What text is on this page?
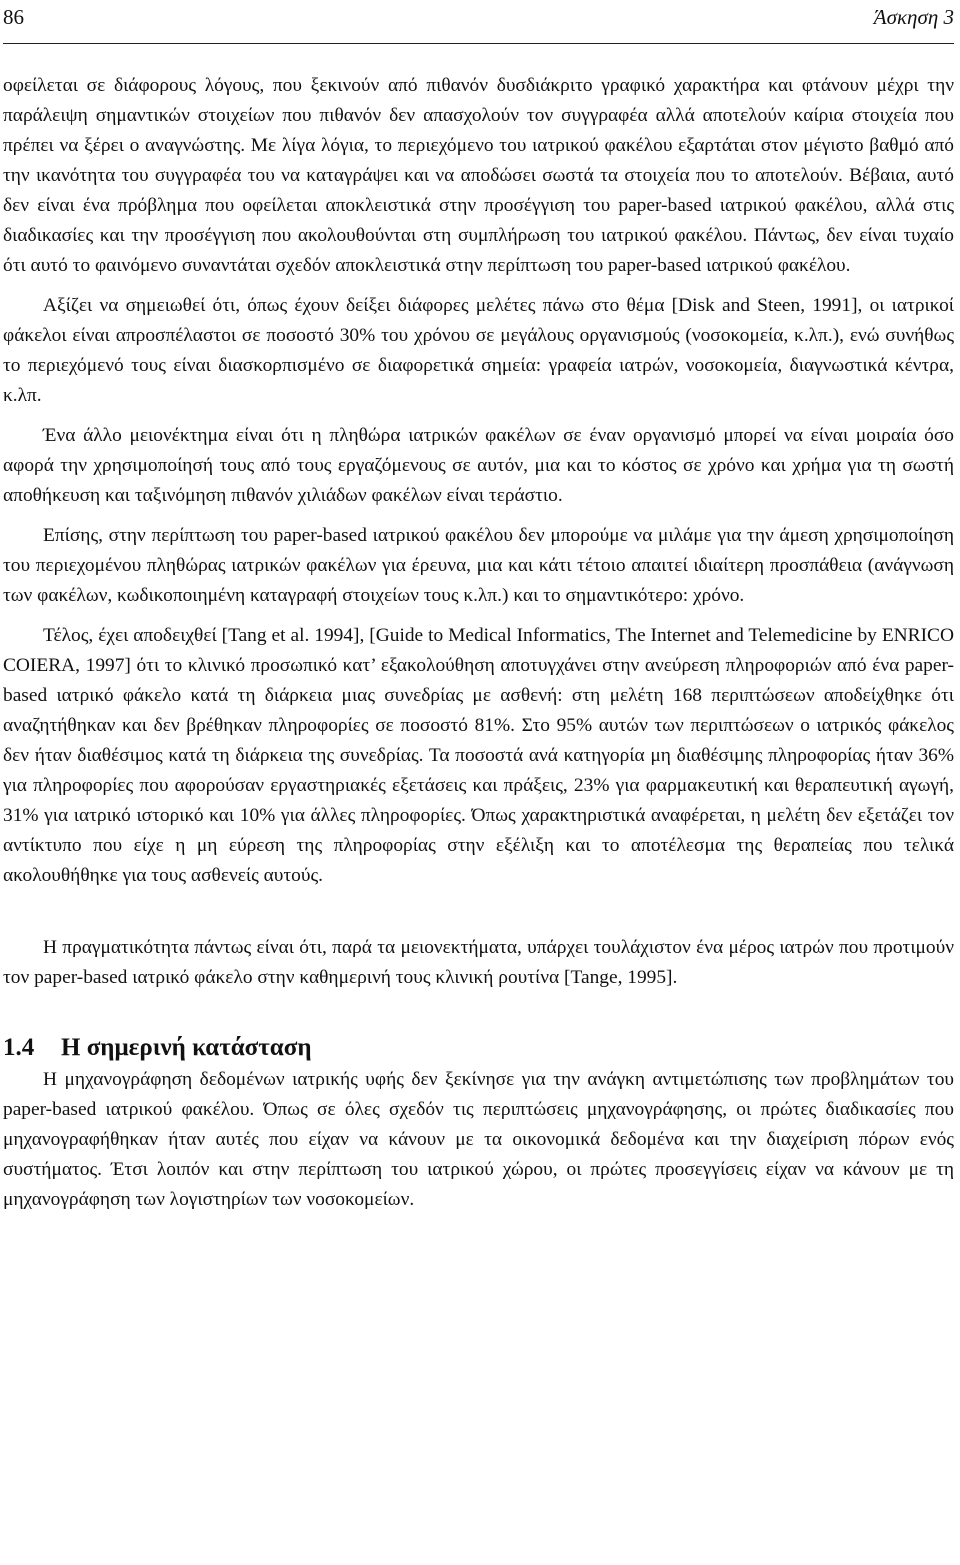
86	Άσκηση 3

οφείλεται σε διάφορους λόγους, που ξεκινούν από πιθανόν δυσδιάκριτο γραφικό χαρακτήρα και φτάνουν μέχρι την παράλειψη σημαντικών στοιχείων που πιθανόν δεν απασχολούν τον συγγραφέα αλλά αποτελούν καίρια στοιχεία που πρέπει να ξέρει ο αναγνώστης. Με λίγα λόγια, το περιεχόμενο του ιατρικού φακέλου εξαρτάται στον μέγιστο βαθμό από την ικανότητα του συγγραφέα του να καταγράψει και να αποδώσει σωστά τα στοιχεία που το αποτελούν. Βέβαια, αυτό δεν είναι ένα πρόβλημα που οφείλεται αποκλειστικά στην προσέγγιση του paper-based ιατρικού φακέλου, αλλά στις διαδικασίες και την προσέγγιση που ακολουθούνται στη συμπλήρωση του ιατρικού φακέλου. Πάντως, δεν είναι τυχαίο ότι αυτό το φαινόμενο συναντάται σχεδόν αποκλειστικά στην περίπτωση του paper-based ιατρικού φακέλου.

Αξίζει να σημειωθεί ότι, όπως έχουν δείξει διάφορες μελέτες πάνω στο θέμα [Disk and Steen, 1991], οι ιατρικοί φάκελοι είναι απροσπέλαστοι σε ποσοστό 30% του χρόνου σε μεγάλους οργανισμούς (νοσοκομεία, κ.λπ.), ενώ συνήθως το περιεχόμενό τους είναι διασκορπισμένο σε διαφορετικά σημεία: γραφεία ιατρών, νοσοκομεία, διαγνωστικά κέντρα, κ.λπ.

Ένα άλλο μειονέκτημα είναι ότι η πληθώρα ιατρικών φακέλων σε έναν οργανισμό μπορεί να είναι μοιραία όσο αφορά την χρησιμοποίησή τους από τους εργαζόμενους σε αυτόν, μια και το κόστος σε χρόνο και χρήμα για τη σωστή αποθήκευση και ταξινόμηση πιθανόν χιλιάδων φακέλων είναι τεράστιο.

Επίσης, στην περίπτωση του paper-based ιατρικού φακέλου δεν μπορούμε να μιλάμε για την άμεση χρησιμοποίηση του περιεχομένου πληθώρας ιατρικών φακέλων για έρευνα, μια και κάτι τέτοιο απαιτεί ιδιαίτερη προσπάθεια (ανάγνωση των φακέλων, κωδικοποιημένη καταγραφή στοιχείων τους κ.λπ.) και το σημαντικότερο: χρόνο.

Τέλος, έχει αποδειχθεί [Tang et al. 1994], [Guide to Medical Informatics, The Internet and Telemedicine by ENRICO COIERA, 1997] ότι το κλινικό προσωπικό κατ’ εξακολούθηση αποτυγχάνει στην ανεύρεση πληροφοριών από ένα paper-based ιατρικό φάκελο κατά τη διάρκεια μιας συνεδρίας με ασθενή: στη μελέτη 168 περιπτώσεων αποδείχθηκε ότι αναζητήθηκαν και δεν βρέθηκαν πληροφορίες σε ποσοστό 81%. Στο 95% αυτών των περιπτώσεων ο ιατρικός φάκελος δεν ήταν διαθέσιμος κατά τη διάρκεια της συνεδρίας. Τα ποσοστά ανά κατηγορία μη διαθέσιμης πληροφορίας ήταν 36% για πληροφορίες που αφορούσαν εργαστηριακές εξετάσεις και πράξεις, 23% για φαρμακευτική και θεραπευτική αγωγή, 31% για ιατρικό ιστορικό και 10% για άλλες πληροφορίες. Όπως χαρακτηριστικά αναφέρεται, η μελέτη δεν εξετάζει τον αντίκτυπο που είχε η μη εύρεση της πληροφορίας στην εξέλιξη και το αποτέλεσμα της θεραπείας που τελικά ακολουθήθηκε για τους ασθενείς αυτούς.

Η πραγματικότητα πάντως είναι ότι, παρά τα μειονεκτήματα, υπάρχει τουλάχιστον ένα μέρος ιατρών που προτιμούν τον paper-based ιατρικό φάκελο στην καθημερινή τους κλινική ρουτίνα [Tange, 1995].

1.4 Η σημερινή κατάσταση

Η μηχανογράφηση δεδομένων ιατρικής υφής δεν ξεκίνησε για την ανάγκη αντιμετώπισης των προβλημάτων του paper-based ιατρικού φακέλου. Όπως σε όλες σχεδόν τις περιπτώσεις μηχανογράφησης, οι πρώτες διαδικασίες που μηχανογραφήθηκαν ήταν αυτές που είχαν να κάνουν με τα οικονομικά δεδομένα και την διαχείριση πόρων ενός συστήματος. Έτσι λοιπόν και στην περίπτωση του ιατρικού χώρου, οι πρώτες προσεγγίσεις είχαν να κάνουν με τη μηχανογράφηση των λογιστηρίων των νοσοκομείων.
